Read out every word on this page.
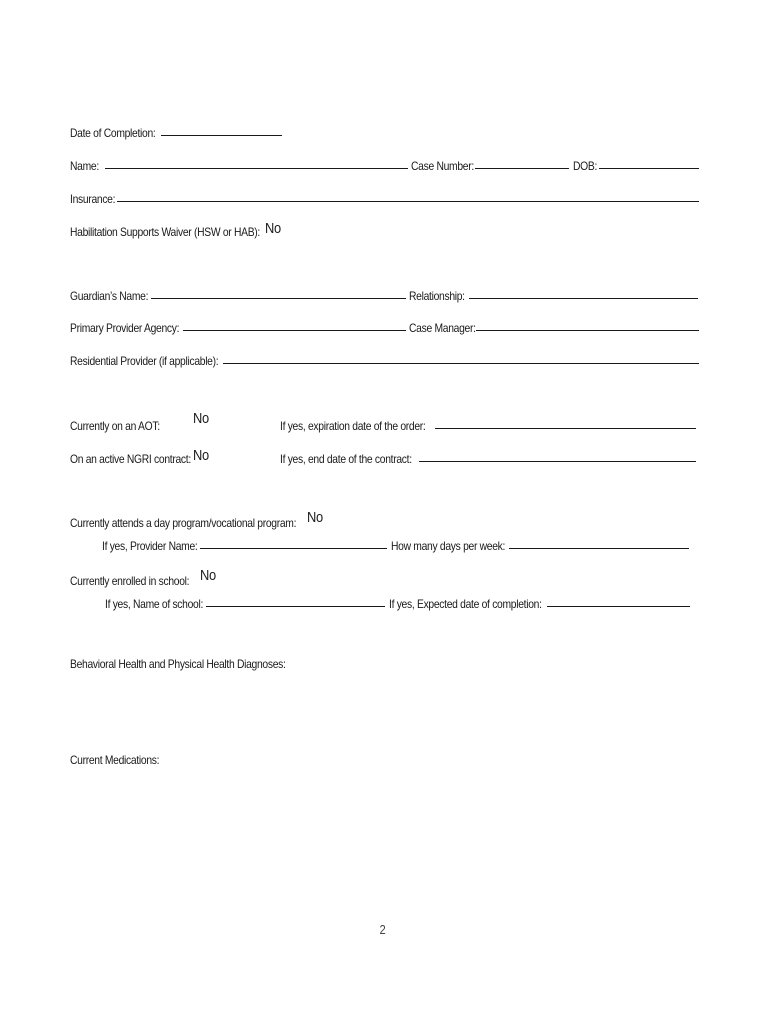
Date of Completion:
Name:	Case Number:	DOB:
Insurance:
Habilitation Supports Waiver (HSW or HAB): No
Guardian’s Name:	Relationship:
Primary Provider Agency:	Case Manager:
Residential Provider (if applicable):
Currently on an AOT:	No	If yes, expiration date of the order:
On an active NGRI contract: No	If yes, end date of the contract:
Currently attends a day program/vocational program: No
If yes, Provider Name:	How many days per week:
Currently enrolled in school: No
If yes, Name of school:	If yes, Expected date of completion:
Behavioral Health and Physical Health Diagnoses:
Current Medications:
2
